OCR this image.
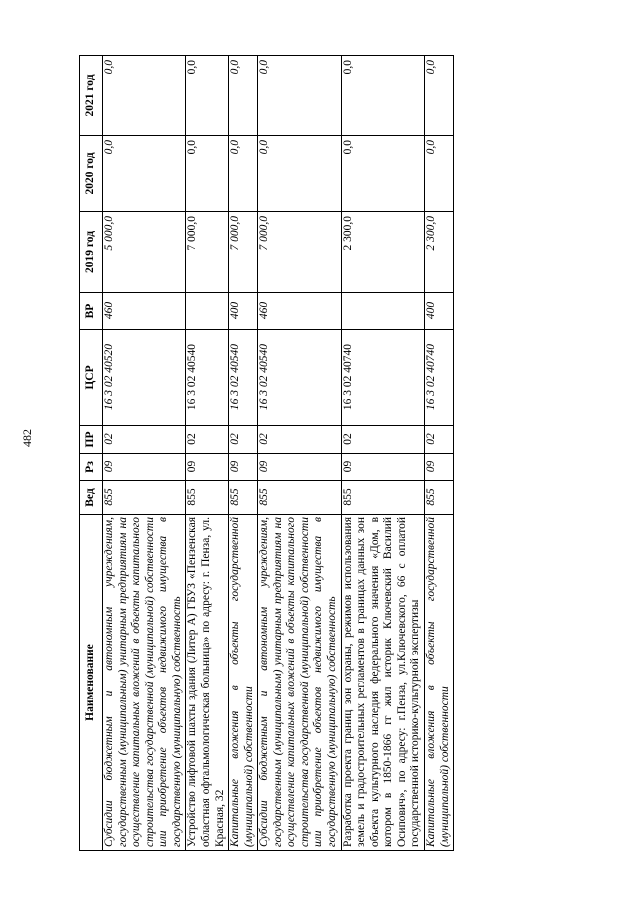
482
Наименование	Вед	Рз	ПР	ЦСР	ВР	2019 год	2020 год	2021 год
Субсидии бюджетным и автономным учреждениям, государственным (муниципальным) унитарным предприятиям на осуществление капитальных вложений в объекты капитального строительства государственной (муниципальной) собственности или приобретение объектов недвижимого имущества в государственную (муниципальную) собственность	855	09	02	16 3 02 40520	460	5 000,0	0,0	0,0
Устройство лифтовой шахты здания (Литер А) ГБУЗ «Пензенская областная офтальмологическая больница» по адресу: г. Пенза, ул. Красная, 32	855	09	02	16 3 02 40540		7 000,0	0,0	0,0
Капитальные вложения в объекты государственной (муниципальной) собственности	855	09	02	16 3 02 40540	400	7 000,0	0,0	0,0
Субсидии бюджетным и автономным учреждениям, государственным (муниципальным) унитарным предприятиям на осуществление капитальных вложений в объекты капитального строительства государственной (муниципальной) собственности или приобретение объектов недвижимого имущества в государственную (муниципальную) собственность	855	09	02	16 3 02 40540	460	7 000,0	0,0	0,0
Разработка проекта границ зон охраны, режимов использования земель и градостроительных регламентов в границах данных зон объекта культурного наследия федерального значения «Дом, в котором в 1850-1866 гг жил историк Ключевский Василий Осипович», по адресу: г.Пенза, ул.Ключевского, 66 с оплатой государственной историко-культурной экспертизы	855	09	02	16 3 02 40740		2 300,0	0,0	0,0
Капитальные вложения в объекты государственной (муниципальной) собственности	855	09	02	16 3 02 40740	400	2 300,0	0,0	0,0
